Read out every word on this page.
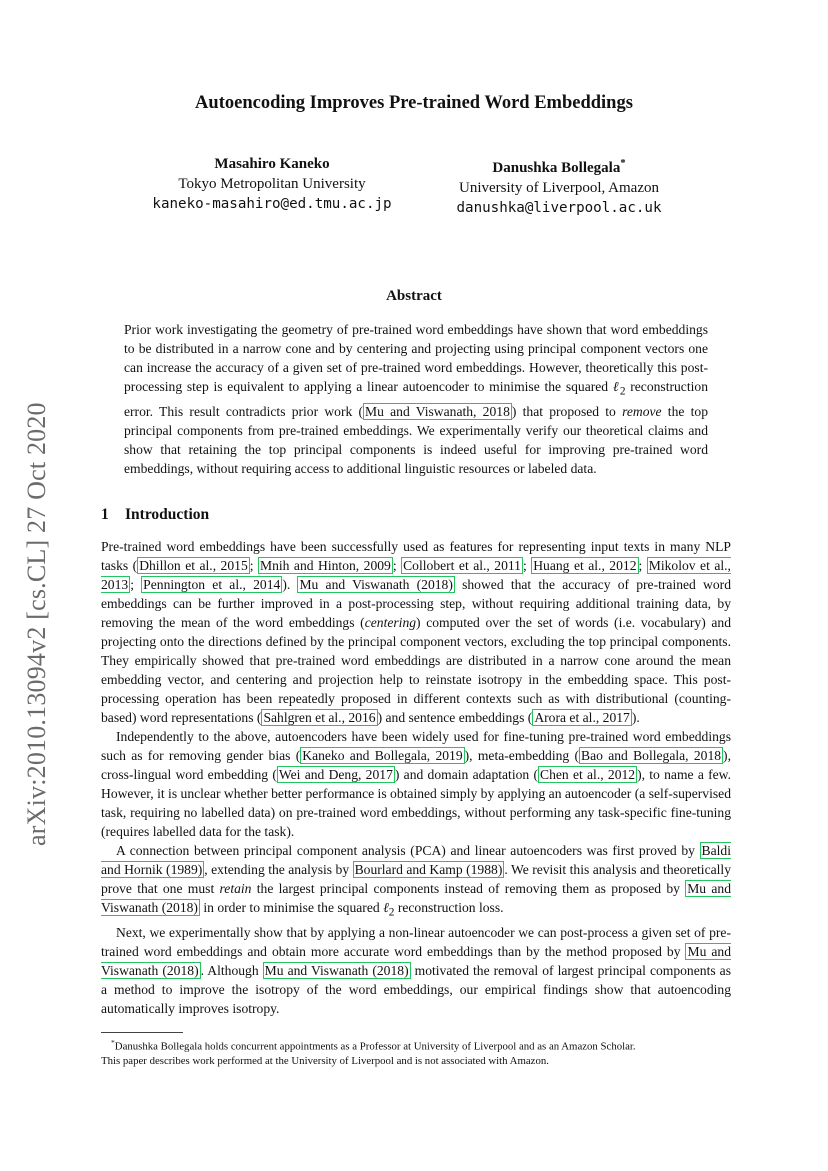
arXiv:2010.13094v2 [cs.CL] 27 Oct 2020
Autoencoding Improves Pre-trained Word Embeddings
Masahiro Kaneko
Tokyo Metropolitan University
kaneko-masahiro@ed.tmu.ac.jp
Danushka Bollegala*
University of Liverpool, Amazon
danushka@liverpool.ac.uk
Abstract
Prior work investigating the geometry of pre-trained word embeddings have shown that word embeddings to be distributed in a narrow cone and by centering and projecting using principal component vectors one can increase the accuracy of a given set of pre-trained word embeddings. However, theoretically this post-processing step is equivalent to applying a linear autoencoder to minimise the squared ℓ$_2$ reconstruction error. This result contradicts prior work ( Mu and Viswanath, 2018 ) that proposed to remove the top principal components from pre-trained embeddings. We experimentally verify our theoretical claims and show that retaining the top principal components is indeed useful for improving pre-trained word embeddings, without requiring access to additional linguistic resources or labeled data.
1 Introduction

Pre-trained word embeddings have been successfully used as features for representing input texts in many NLP tasks ( Dhillon et al., 2015 ; Mnih and Hinton, 2009 ; Collobert et al., 2011 ; Huang et al., 2012 ; Mikolov et al., 2013 ; Pennington et al., 2014 ). Mu and Viswanath (2018) showed that the accuracy of pre-trained word embeddings can be further improved in a post-processing step, without requiring additional training data, by removing the mean of the word embeddings (centering) computed over the set of words (i.e. vocabulary) and projecting onto the directions defined by the principal component vectors, excluding the top principal components. They empirically showed that pre-trained word embeddings are distributed in a narrow cone around the mean embedding vector, and centering and projection help to reinstate isotropy in the embedding space. This post-processing operation has been repeatedly proposed in different contexts such as with distributional (counting-based) word representations ( Sahlgren et al., 2016 ) and sentence embeddings ( Arora et al., 2017 ).

Independently to the above, autoencoders have been widely used for fine-tuning pre-trained word embeddings such as for removing gender bias ( Kaneko and Bollegala, 2019 ), meta-embedding ( Bao and Bollegala, 2018 ), cross-lingual word embedding ( Wei and Deng, 2017 ) and domain adaptation ( Chen et al., 2012 ), to name a few. However, it is unclear whether better performance is obtained simply by applying an autoencoder (a self-supervised task, requiring no labelled data) on pre-trained word embeddings, without performing any task-specific fine-tuning (requires labelled data for the task).

A connection between principal component analysis (PCA) and linear autoencoders was first proved by Baldi and Hornik (1989) , extending the analysis by Bourlard and Kamp (1988) . We revisit this analysis and theoretically prove that one must retain the largest principal components instead of removing them as proposed by Mu and Viswanath (2018) in order to minimise the squared ℓ$_2$ reconstruction loss.

Next, we experimentally show that by applying a non-linear autoencoder we can post-process a given set of pre-trained word embeddings and obtain more accurate word embeddings than by the method proposed by Mu and Viswanath (2018) . Although Mu and Viswanath (2018) motivated the removal of largest principal components as a method to improve the isotropy of the word embeddings, our empirical findings show that autoencoding automatically improves isotropy.

*Danushka Bollegala holds concurrent appointments as a Professor at University of Liverpool and as an Amazon Scholar.

This paper describes work performed at the University of Liverpool and is not associated with Amazon.
